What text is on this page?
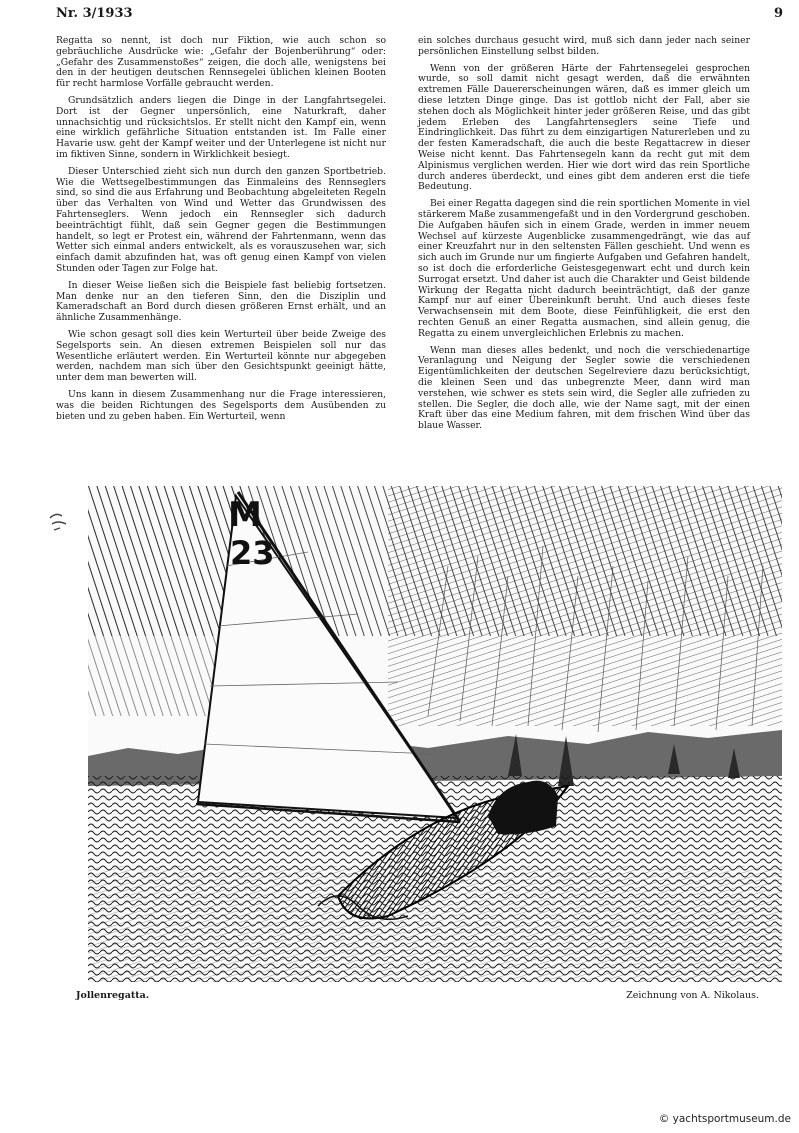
Nr. 3/1933	9

Regatta so nennt, ist doch nur Fiktion, wie auch schon so gebräuchliche Ausdrücke wie: „Gefahr der Bojenberührung“ oder: „Gefahr des Zusammenstoßes“ zeigen, die doch alle, wenigstens bei den in der heutigen deutschen Rennsegelei üblichen kleinen Booten für recht harmlose Vorfälle gebraucht werden.

Grundsätzlich anders liegen die Dinge in der Langfahrtsegelei. Dort ist der Gegner unpersönlich, eine Naturkraft, daher unnachsichtig und rücksichtslos. Er stellt nicht den Kampf ein, wenn eine wirklich gefährliche Situation entstanden ist. Im Falle einer Havarie usw. geht der Kampf weiter und der Unterlegene ist nicht nur im fiktiven Sinne, sondern in Wirklichkeit besiegt.

Dieser Unterschied zieht sich nun durch den ganzen Sportbetrieb. Wie die Wettsegelbestimmungen das Einmaleins des Rennseglers sind, so sind die aus Erfahrung und Beobachtung abgeleiteten Regeln über das Verhalten von Wind und Wetter das Grundwissen des Fahrtenseglers. Wenn jedoch ein Rennsegler sich dadurch beeinträchtigt fühlt, daß sein Gegner gegen die Bestimmungen handelt, so legt er Protest ein, während der Fahrtenmann, wenn das Wetter sich einmal anders entwickelt, als es vorauszusehen war, sich einfach damit abzufinden hat, was oft genug einen Kampf von vielen Stunden oder Tagen zur Folge hat.

In dieser Weise ließen sich die Beispiele fast beliebig fortsetzen. Man denke nur an den tieferen Sinn, den die Disziplin und Kameradschaft an Bord durch diesen größeren Ernst erhält, und an ähnliche Zusammenhänge.

Wie schon gesagt soll dies kein Werturteil über beide Zweige des Segelsports sein. An diesen extremen Beispielen soll nur das Wesentliche erläutert werden. Ein Werturteil könnte nur abgegeben werden, nachdem man sich über den Gesichtspunkt geeinigt hätte, unter dem man bewerten will.

Uns kann in diesem Zusammenhang nur die Frage interessieren, was die beiden Richtungen des Segelsports dem Ausübenden zu bieten und zu geben haben. Ein Werturteil, wenn

ein solches durchaus gesucht wird, muß sich dann jeder nach seiner persönlichen Einstellung selbst bilden.

Wenn von der größeren Härte der Fahrtensegelei gesprochen wurde, so soll damit nicht gesagt werden, daß die erwähnten extremen Fälle Dauererscheinungen wären, daß es immer gleich um diese letzten Dinge ginge. Das ist gottlob nicht der Fall, aber sie stehen doch als Möglichkeit hinter jeder größeren Reise, und das gibt jedem Erleben des Langfahrtenseglers seine Tiefe und Eindringlichkeit. Das führt zu dem einzigartigen Naturerleben und zu der festen Kameradschaft, die auch die beste Regattacrew in dieser Weise nicht kennt. Das Fahrtensegeln kann da recht gut mit dem Alpinismus verglichen werden. Hier wie dort wird das rein Sportliche durch anderes überdeckt, und eines gibt dem anderen erst die tiefe Bedeutung.

Bei einer Regatta dagegen sind die rein sportlichen Momente in viel stärkerem Maße zusammengefaßt und in den Vordergrund geschoben. Die Aufgaben häufen sich in einem Grade, werden in immer neuem Wechsel auf kürzeste Augenblicke zusammengedrängt, wie das auf einer Kreuzfahrt nur in den seltensten Fällen geschieht. Und wenn es sich auch im Grunde nur um fingierte Aufgaben und Gefahren handelt, so ist doch die erforderliche Geistesgegenwart echt und durch kein Surrogat ersetzt. Und daher ist auch die Charakter und Geist bildende Wirkung der Regatta nicht dadurch beeinträchtigt, daß der ganze Kampf nur auf einer Übereinkunft beruht. Und auch dieses feste Verwachsensein mit dem Boote, diese Feinfühligkeit, die erst den rechten Genuß an einer Regatta ausmachen, sind allein genug, die Regatta zu einem unvergleichlichen Erlebnis zu machen.

Wenn man dieses alles bedenkt, und noch die verschiedenartige Veranlagung und Neigung der Segler sowie die verschiedenen Eigentümlichkeiten der deutschen Segelreviere dazu berücksichtigt, die kleinen Seen und das unbegrenzte Meer, dann wird man verstehen, wie schwer es stets sein wird, die Segler alle zufrieden zu stellen. Die Segler, die doch alle, wie der Name sagt, mit der einen Kraft über das eine Medium fahren, mit dem frischen Wind über das blaue Wasser.

M
23
Jollenregatta.	Zeichnung von A. Nikolaus.
© yachtsportmuseum.de
